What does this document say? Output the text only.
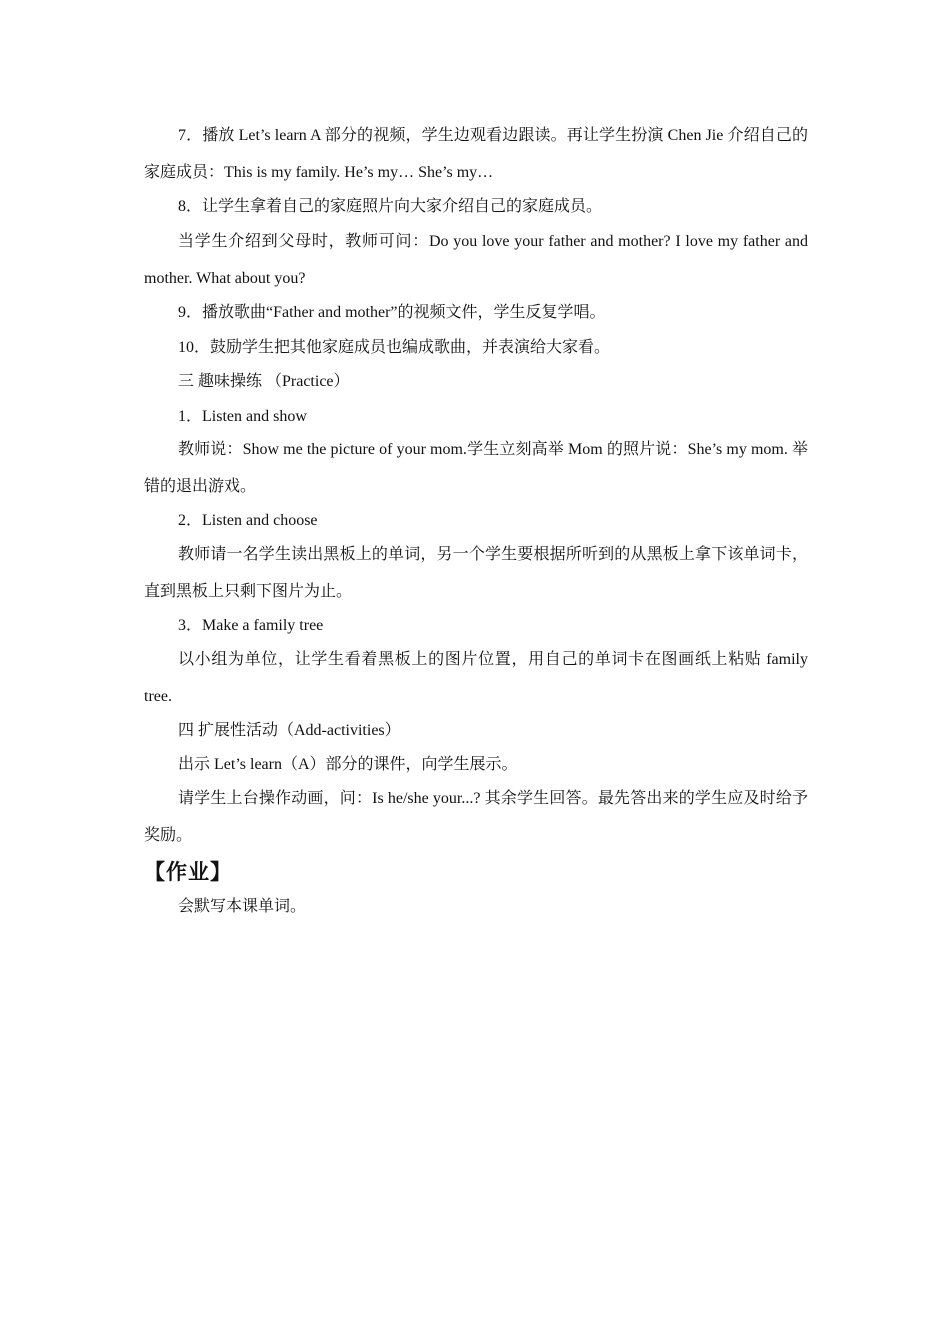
7．播放 Let’s learn A 部分的视频，学生边观看边跟读。再让学生扮演 Chen Jie 介绍自己的家庭成员：This is my family. He’s my… She’s my…

8．让学生拿着自己的家庭照片向大家介绍自己的家庭成员。

当学生介绍到父母时，教师可问：Do you love your father and mother? I love my father and mother. What about you?

9．播放歌曲“Father and mother”的视频文件，学生反复学唱。

10．鼓励学生把其他家庭成员也编成歌曲，并表演给大家看。

三 趣味操练 （Practice）

1．Listen and show

教师说：Show me the picture of your mom.学生立刻高举 Mom 的照片说：She’s my mom. 举错的退出游戏。

2．Listen and choose

教师请一名学生读出黑板上的单词，另一个学生要根据所听到的从黑板上拿下该单词卡，直到黑板上只剩下图片为止。

3．Make a family tree

以小组为单位，让学生看着黑板上的图片位置，用自己的单词卡在图画纸上粘贴 family tree.

四 扩展性活动（Add-activities）

出示 Let’s learn（A）部分的课件，向学生展示。

请学生上台操作动画，问：Is he/she your...? 其余学生回答。最先答出来的学生应及时给予奖励。

【作业】

会默写本课单词。
